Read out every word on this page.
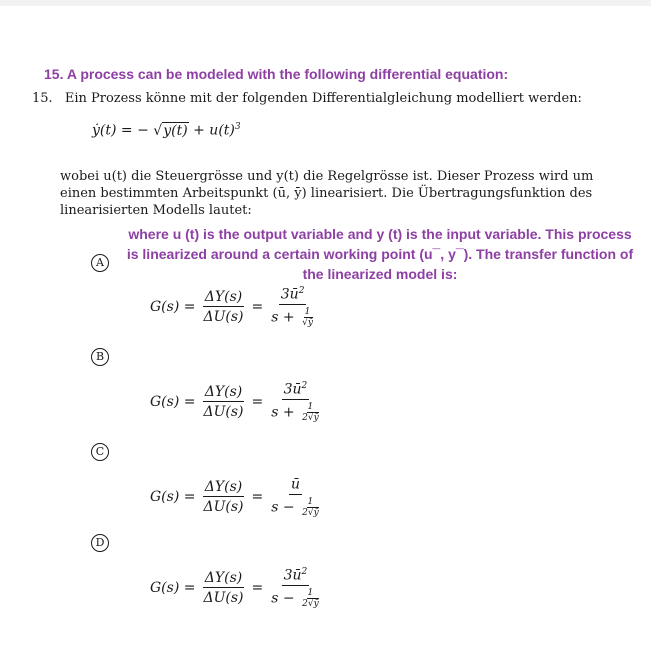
15. A process can be modeled with the following differential equation:
15. Ein Prozess könne mit der folgenden Differentialgleichung modelliert werden:
ẏ(t) = − $√y(t) + u(t)^3$
wobei u(t) die Steuergrösse und y(t) die Regelgrösse ist. Dieser Prozess wird um einen bestimmten Arbeitspunkt (ū, ȳ) linearisiert. Die Übertragungsfunktion des linearisierten Modells lautet:
where u (t) is the output variable and y (t) is the input variable. This process is linearized around a certain working point (u¯, y¯). The transfer function of the linearized model is:
A
$G(s) = \frac{\Delta Y(s)}{\Delta U(s)} = \frac{3ū^2}{s + \frac{1}{√ȳ}}$
B
$G(s) = \frac{\Delta Y(s)}{\Delta U(s)} = \frac{3ū^2}{s + \frac{1}{2√ȳ}}$
C
$G(s) = \frac{\Delta Y(s)}{\Delta U(s)} = \frac{ū}{s - \frac{1}{2√ȳ}}$
D
$G(s) = \frac{\Delta Y(s)}{\Delta U(s)} = \frac{3ū^2}{s - \frac{1}{2√ȳ}}$
